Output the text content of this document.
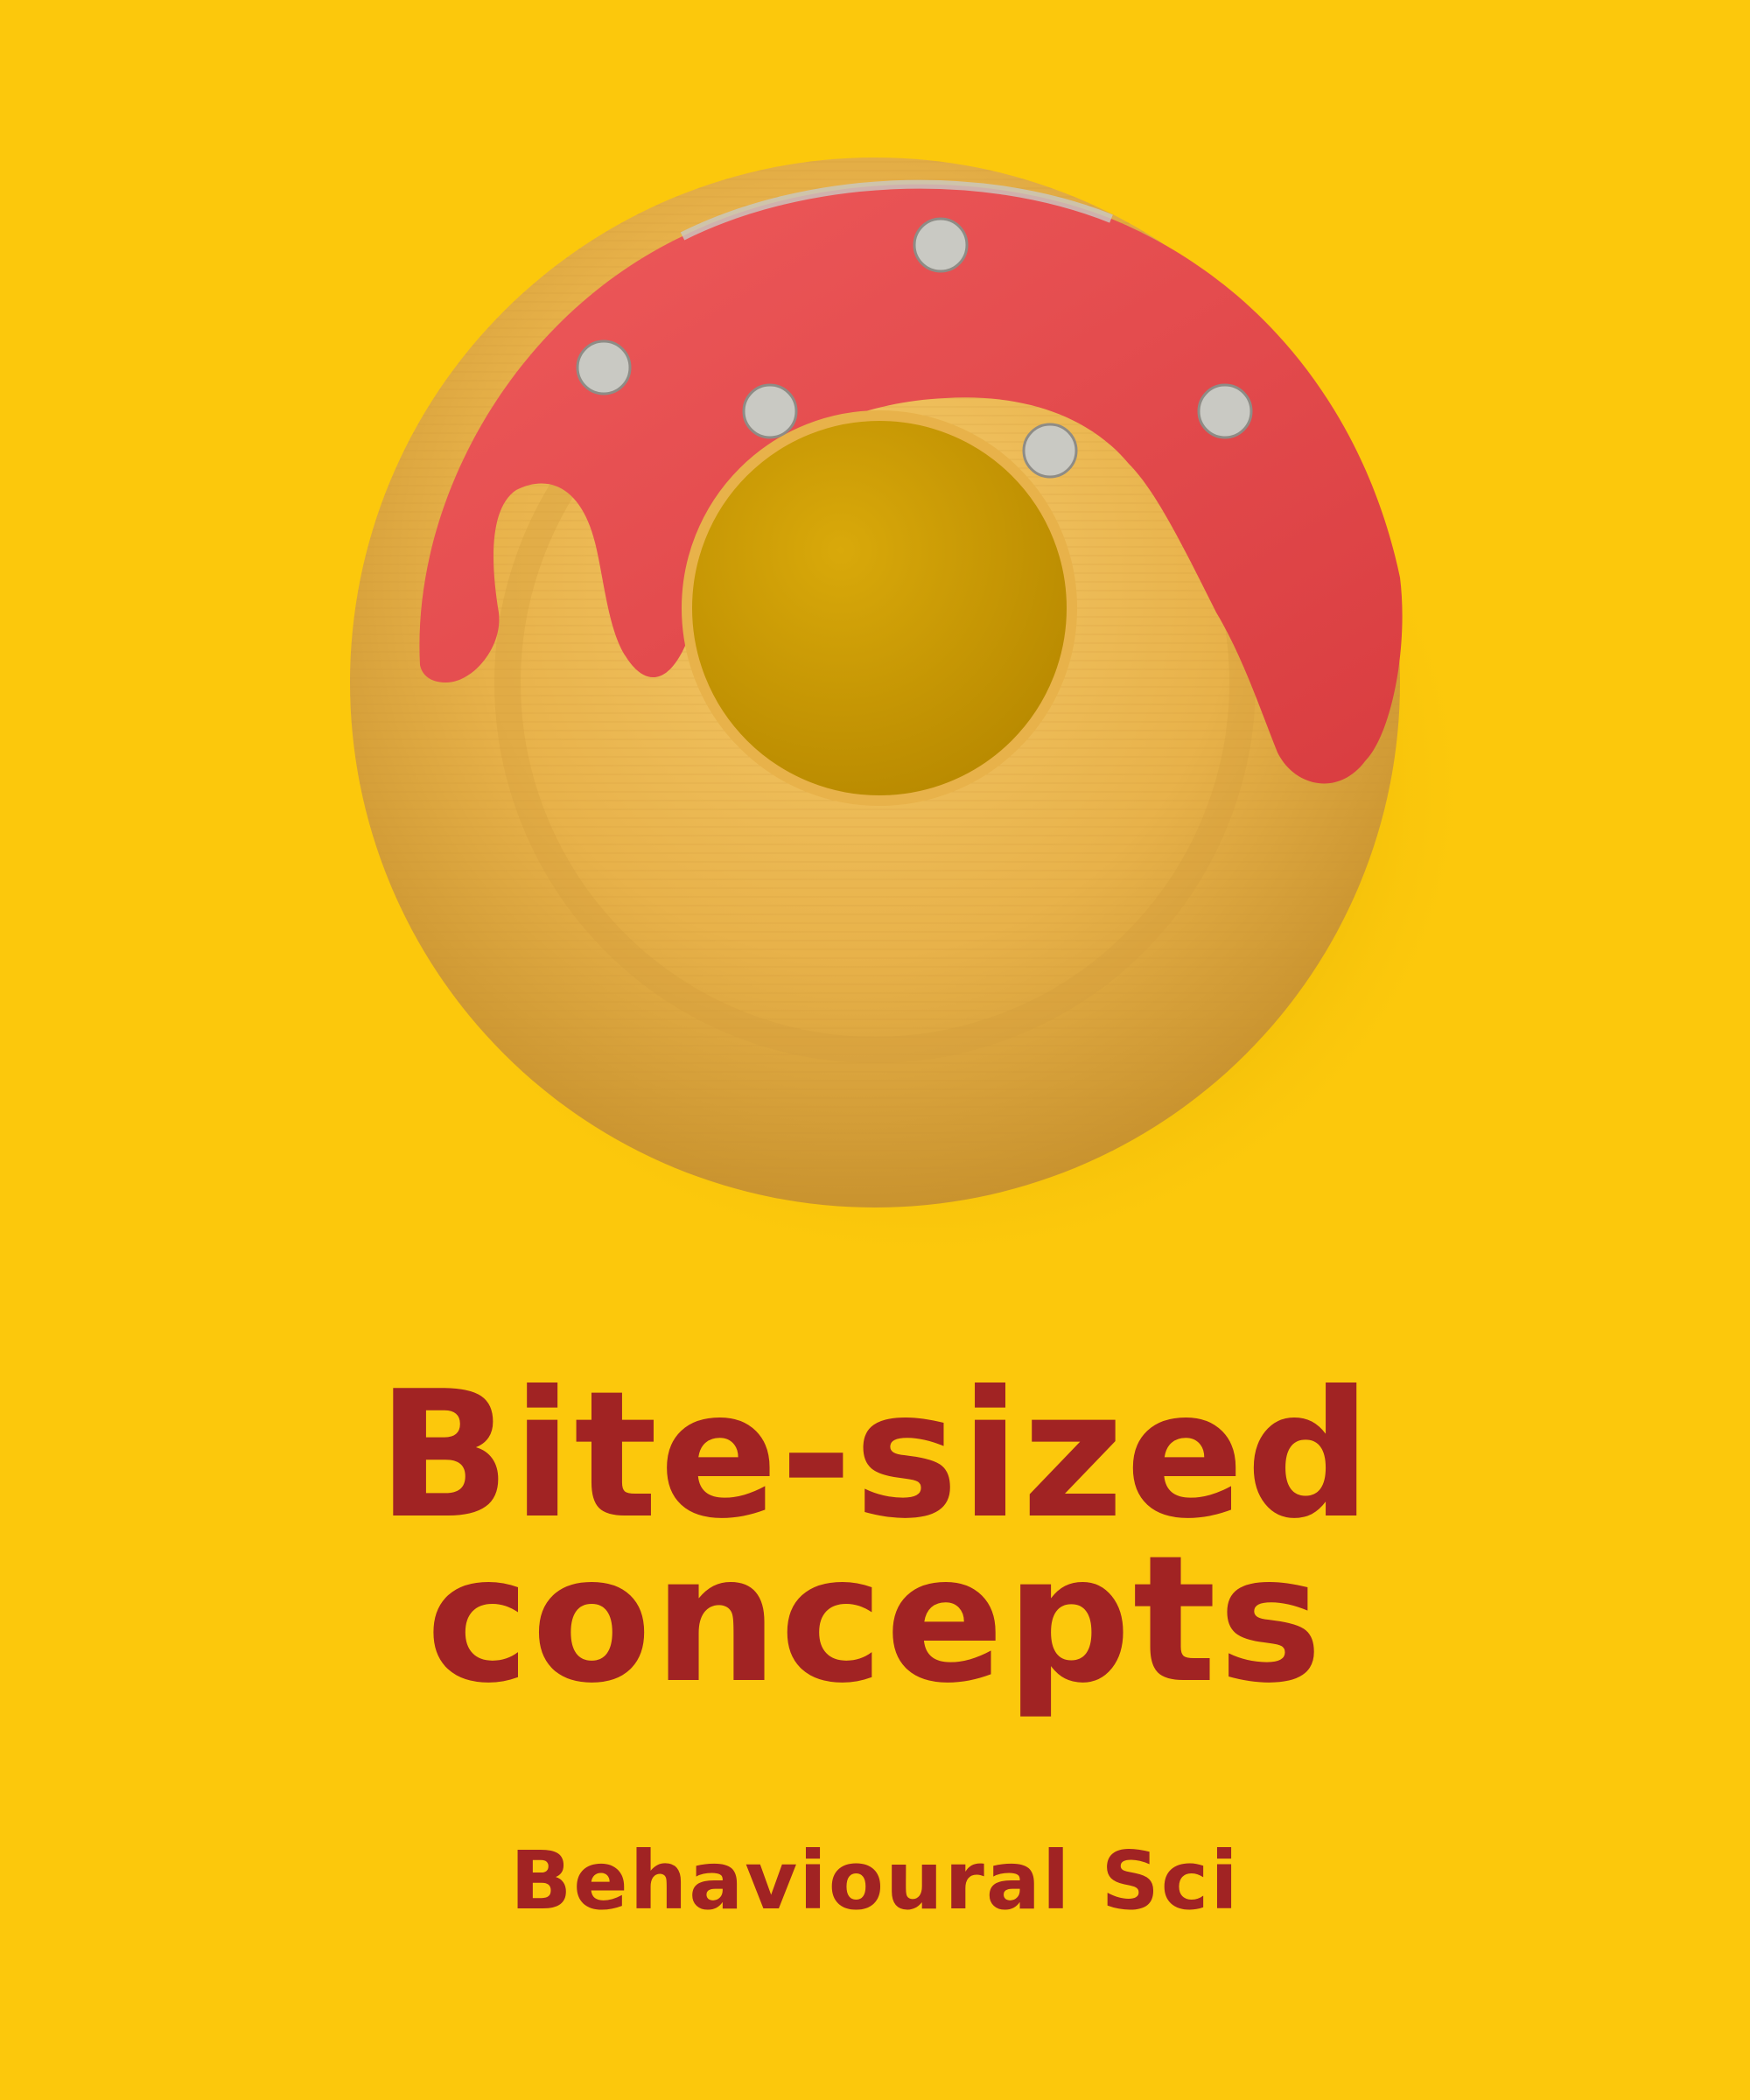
Bite-sized
concepts
Behavioural Sci
